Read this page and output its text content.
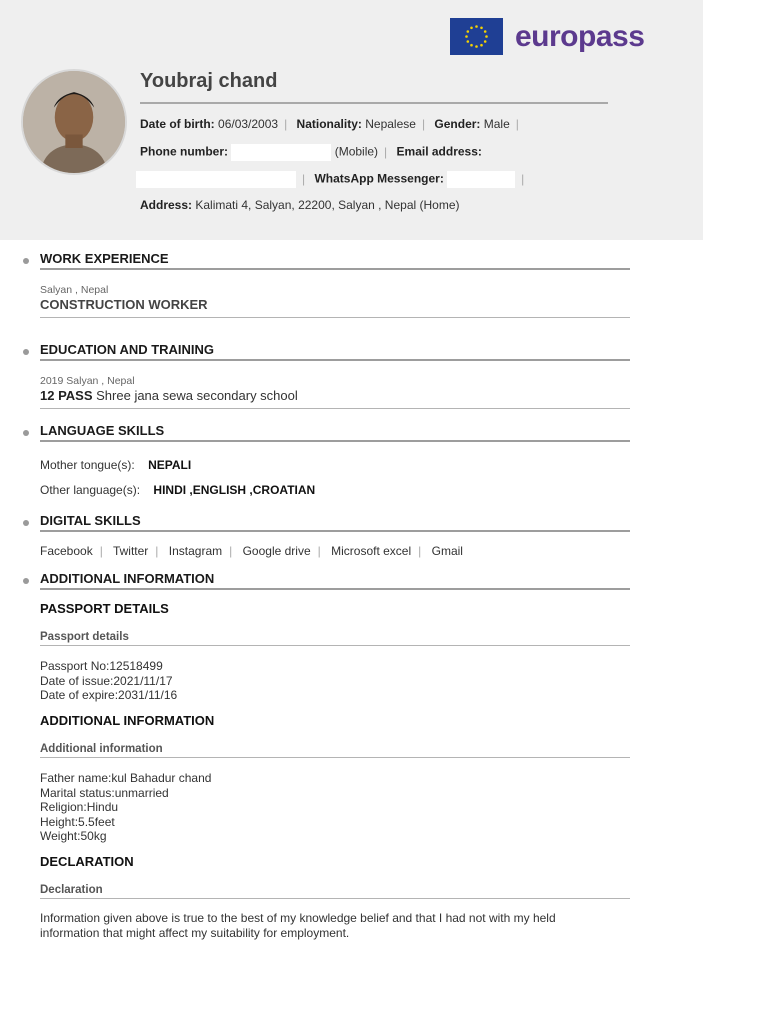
europass
Youbraj chand
Date of birth: 06/03/2003 | Nationality: Nepalese | Gender: Male |
Phone number:	(Mobile) | Email address:
| WhatsApp Messenger:	|
Address: Kalimati 4, Salyan, 22200, Salyan , Nepal (Home)
WORK EXPERIENCE
Salyan , Nepal
CONSTRUCTION WORKER
EDUCATION AND TRAINING
2019 Salyan , Nepal
12 PASS Shree jana sewa secondary school
LANGUAGE SKILLS
Mother tongue(s): NEPALI
Other language(s): HINDI ,ENGLISH ,CROATIAN
DIGITAL SKILLS
Facebook | Twitter | Instagram | Google drive | Microsoft excel | Gmail
ADDITIONAL INFORMATION
PASSPORT DETAILS
Passport details
Passport No:12518499
Date of issue:2021/11/17
Date of expire:2031/11/16
ADDITIONAL INFORMATION
Additional information
Father name:kul Bahadur chand
Marital status:unmarried
Religion:Hindu
Height:5.5feet
Weight:50kg
DECLARATION
Declaration
Information given above is true to the best of my knowledge belief and that I had not with my held
information that might affect my suitability for employment.
